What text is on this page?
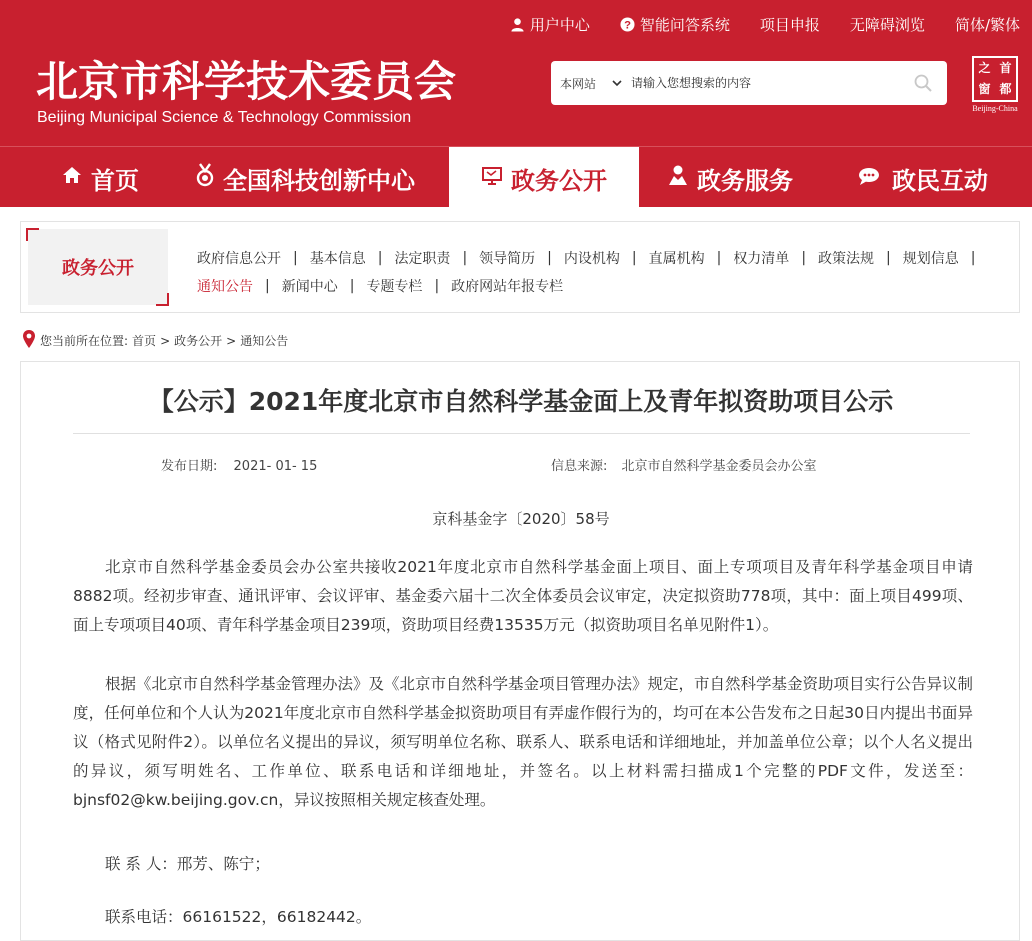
用户中心	? 智能问答系统 项目申报 无障碍浏览 简体/繁体
北京市科学技术委员会
Beijing Municipal Science & Technology Commission
本网站
请输入您想搜索的内容
之 首
窗 都
Beijing-China
首页	全国科技创新中心	政务公开	政务服务	政民互动
政务公开	政府信息公开 | 基本信息 | 法定职责 | 领导简历 | 内设机构 | 直属机构 | 权力清单 | 政策法规 | 规划信息 |
通知公告 | 新闻中心 | 专题专栏 | 政府网站年报专栏
您当前所在位置: 首页 > 政务公开 > 通知公告
【公示】2021年度北京市自然科学基金面上及青年拟资助项目公示
发布日期: 2021- 01- 15	信息来源: 北京市自然科学基金委员会办公室
京科基金字〔2020〕58号
北京市自然科学基金委员会办公室共接收2021年度北京市自然科学基金面上项目、面上专项项目及青年科学基金项目申请8882项。经初步审查、通讯评审、会议评审、基金委六届十二次全体委员会议审定，决定拟资助778项，其中：面上项目499项、面上专项项目40项、青年科学基金项目239项，资助项目经费13535万元（拟资助项目名单见附件1）。
根据《北京市自然科学基金管理办法》及《北京市自然科学基金项目管理办法》规定，市自然科学基金资助项目实行公告异议制度，任何单位和个人认为2021年度北京市自然科学基金拟资助项目有弄虚作假行为的，均可在本公告发布之日起30日内提出书面异议（格式见附件2）。以单位名义提出的异议，须写明单位名称、联系人、联系电话和详细地址，并加盖单位公章；以个人名义提出的异议，须写明姓名、工作单位、联系电话和详细地址，并签名。以上材料需扫描成1个完整的PDF文件，发送至：bjnsf02@kw.beijing.gov.cn，异议按照相关规定核查处理。
联 系 人：邢芳、陈宁；
联系电话：66161522，66182442。
